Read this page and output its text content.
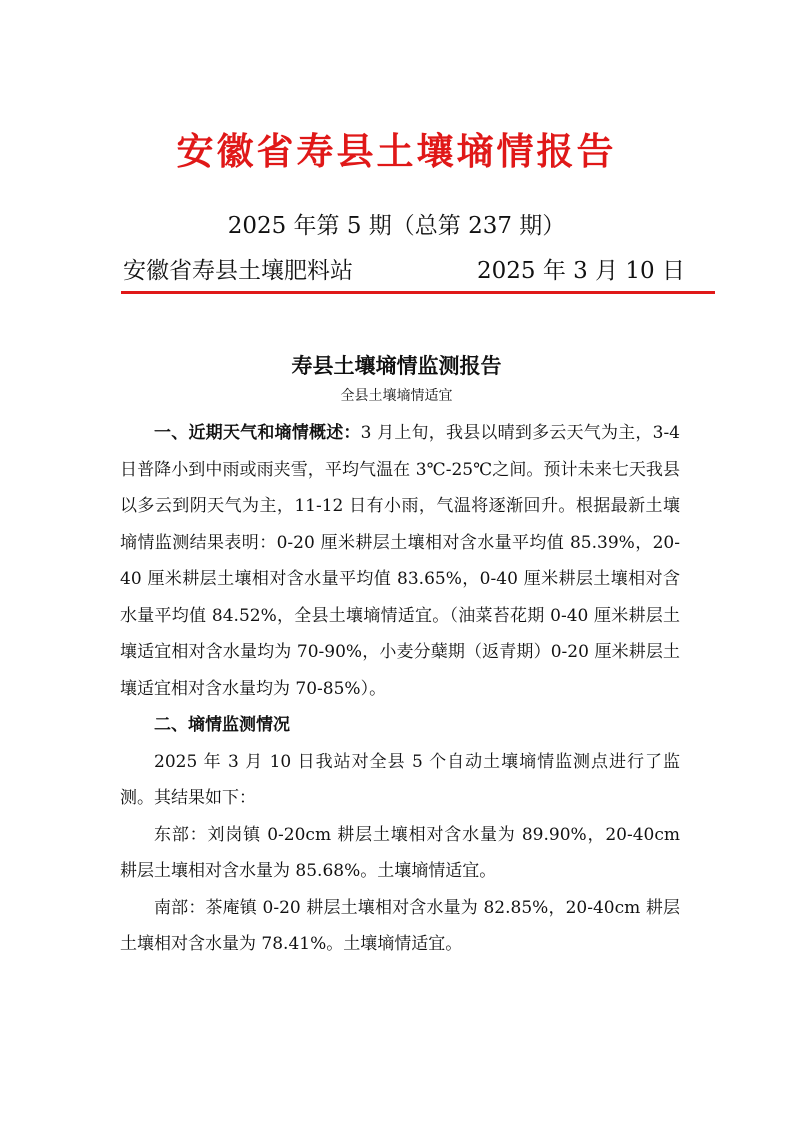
安徽省寿县土壤墒情报告
2025 年第 5 期（总第 237 期）
安徽省寿县土壤肥料站	2025 年 3 月 10 日
寿县土壤墒情监测报告
全县土壤墒情适宜

一、近期天气和墒情概述：3 月上旬，我县以晴到多云天气为主，3-4 日普降小到中雨或雨夹雪，平均气温在 3℃-25℃之间。预计未来七天我县以多云到阴天气为主，11-12 日有小雨，气温将逐渐回升。根据最新土壤墒情监测结果表明：0-20 厘米耕层土壤相对含水量平均值 85.39%，20-40 厘米耕层土壤相对含水量平均值 83.65%，0-40 厘米耕层土壤相对含水量平均值 84.52%，全县土壤墒情适宜。（油菜苔花期 0-40 厘米耕层土壤适宜相对含水量均为 70-90%，小麦分蘖期（返青期）0-20 厘米耕层土壤适宜相对含水量均为 70-85%）。

二、墒情监测情况

2025 年 3 月 10 日我站对全县 5 个自动土壤墒情监测点进行了监测。其结果如下：

东部：刘岗镇 0-20cm 耕层土壤相对含水量为 89.90%，20-40cm 耕层土壤相对含水量为 85.68%。土壤墒情适宜。

南部：茶庵镇 0-20 耕层土壤相对含水量为 82.85%，20-40cm 耕层土壤相对含水量为 78.41%。土壤墒情适宜。
